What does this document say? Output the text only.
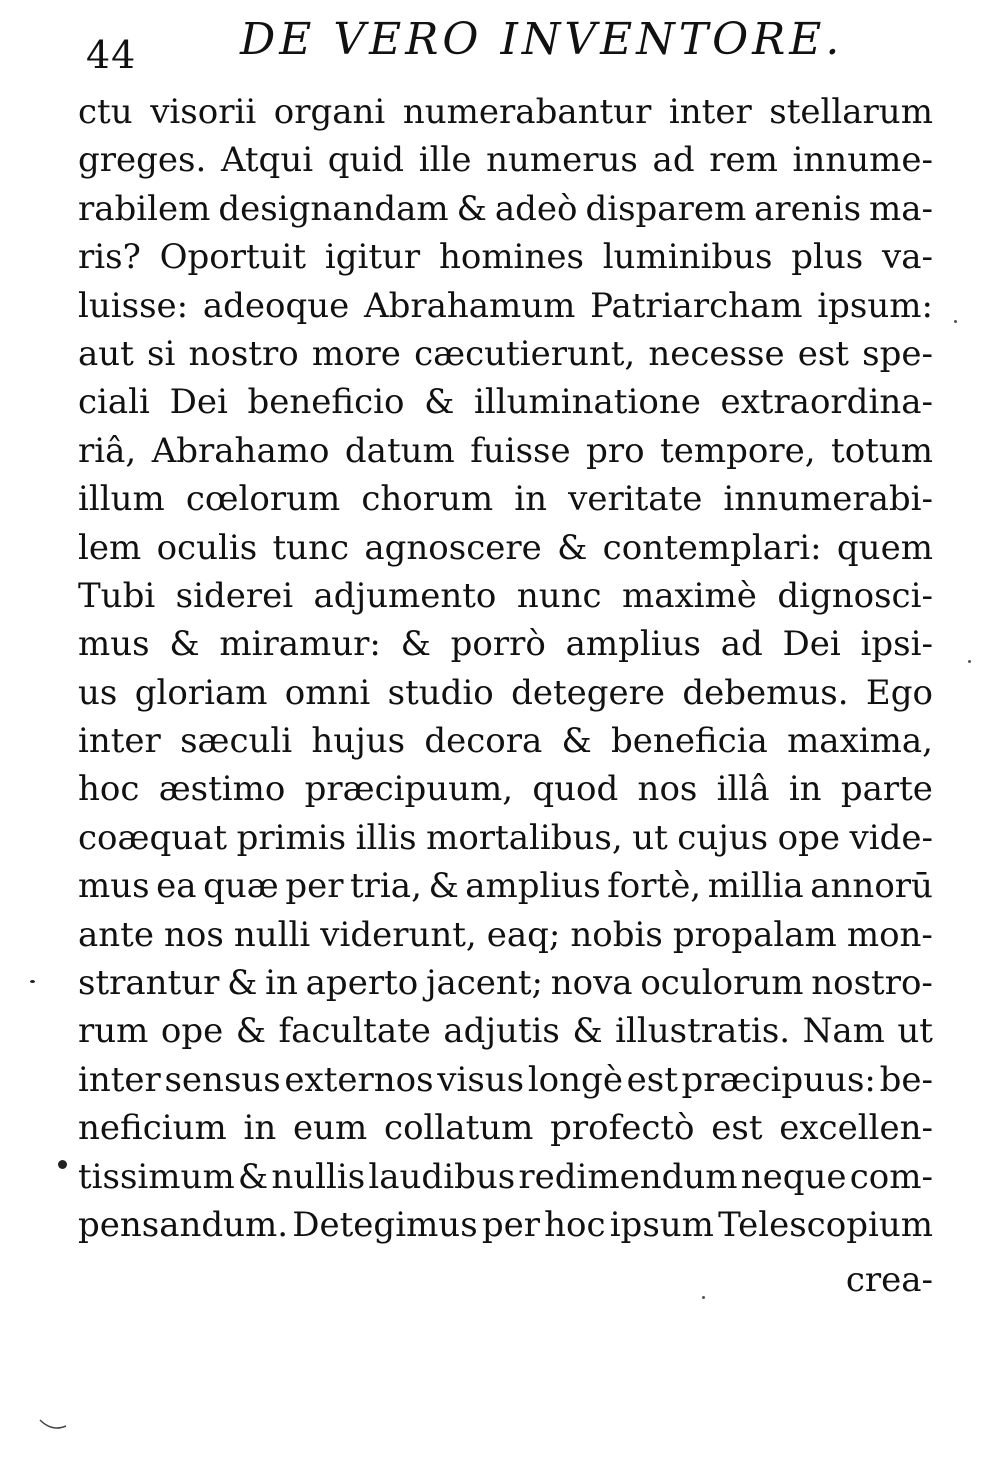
44 DE VERO INVENTORE.
ctu visorii organi numerabantur inter stellarum
greges. Atqui quid ille numerus ad rem innume-
rabilem designandam & adeò disparem arenis ma-
ris? Oportuit igitur homines luminibus plus va-
luisse: adeoque Abrahamum Patriarcham ipsum:
aut si nostro more cæcutierunt, necesse est spe-
ciali Dei beneficio & illuminatione extraordina-
riâ, Abrahamo datum fuisse pro tempore, totum
illum cœlorum chorum in veritate innumerabi-
lem oculis tunc agnoscere & contemplari: quem
Tubi siderei adjumento nunc maximè dignosci-
mus & miramur: & porrò amplius ad Dei ipsi-
us gloriam omni studio detegere debemus. Ego
inter sæculi hujus decora & beneficia maxima,
hoc æstimo præcipuum, quod nos illâ in parte
coæquat primis illis mortalibus, ut cujus ope vide-
mus ea quæ per tria, & amplius fortè, millia annorū
ante nos nulli viderunt, eaq; nobis propalam mon-
strantur & in aperto jacent; nova oculorum nostro-
rum ope & facultate adjutis & illustratis. Nam ut
inter sensus externos visus longè est præcipuus: be-
neficium in eum collatum profectò est excellen-
tissimum & nullis laudibus redimendum neque com-
pensandum. Detegimus per hoc ipsum Telescopium
crea-
